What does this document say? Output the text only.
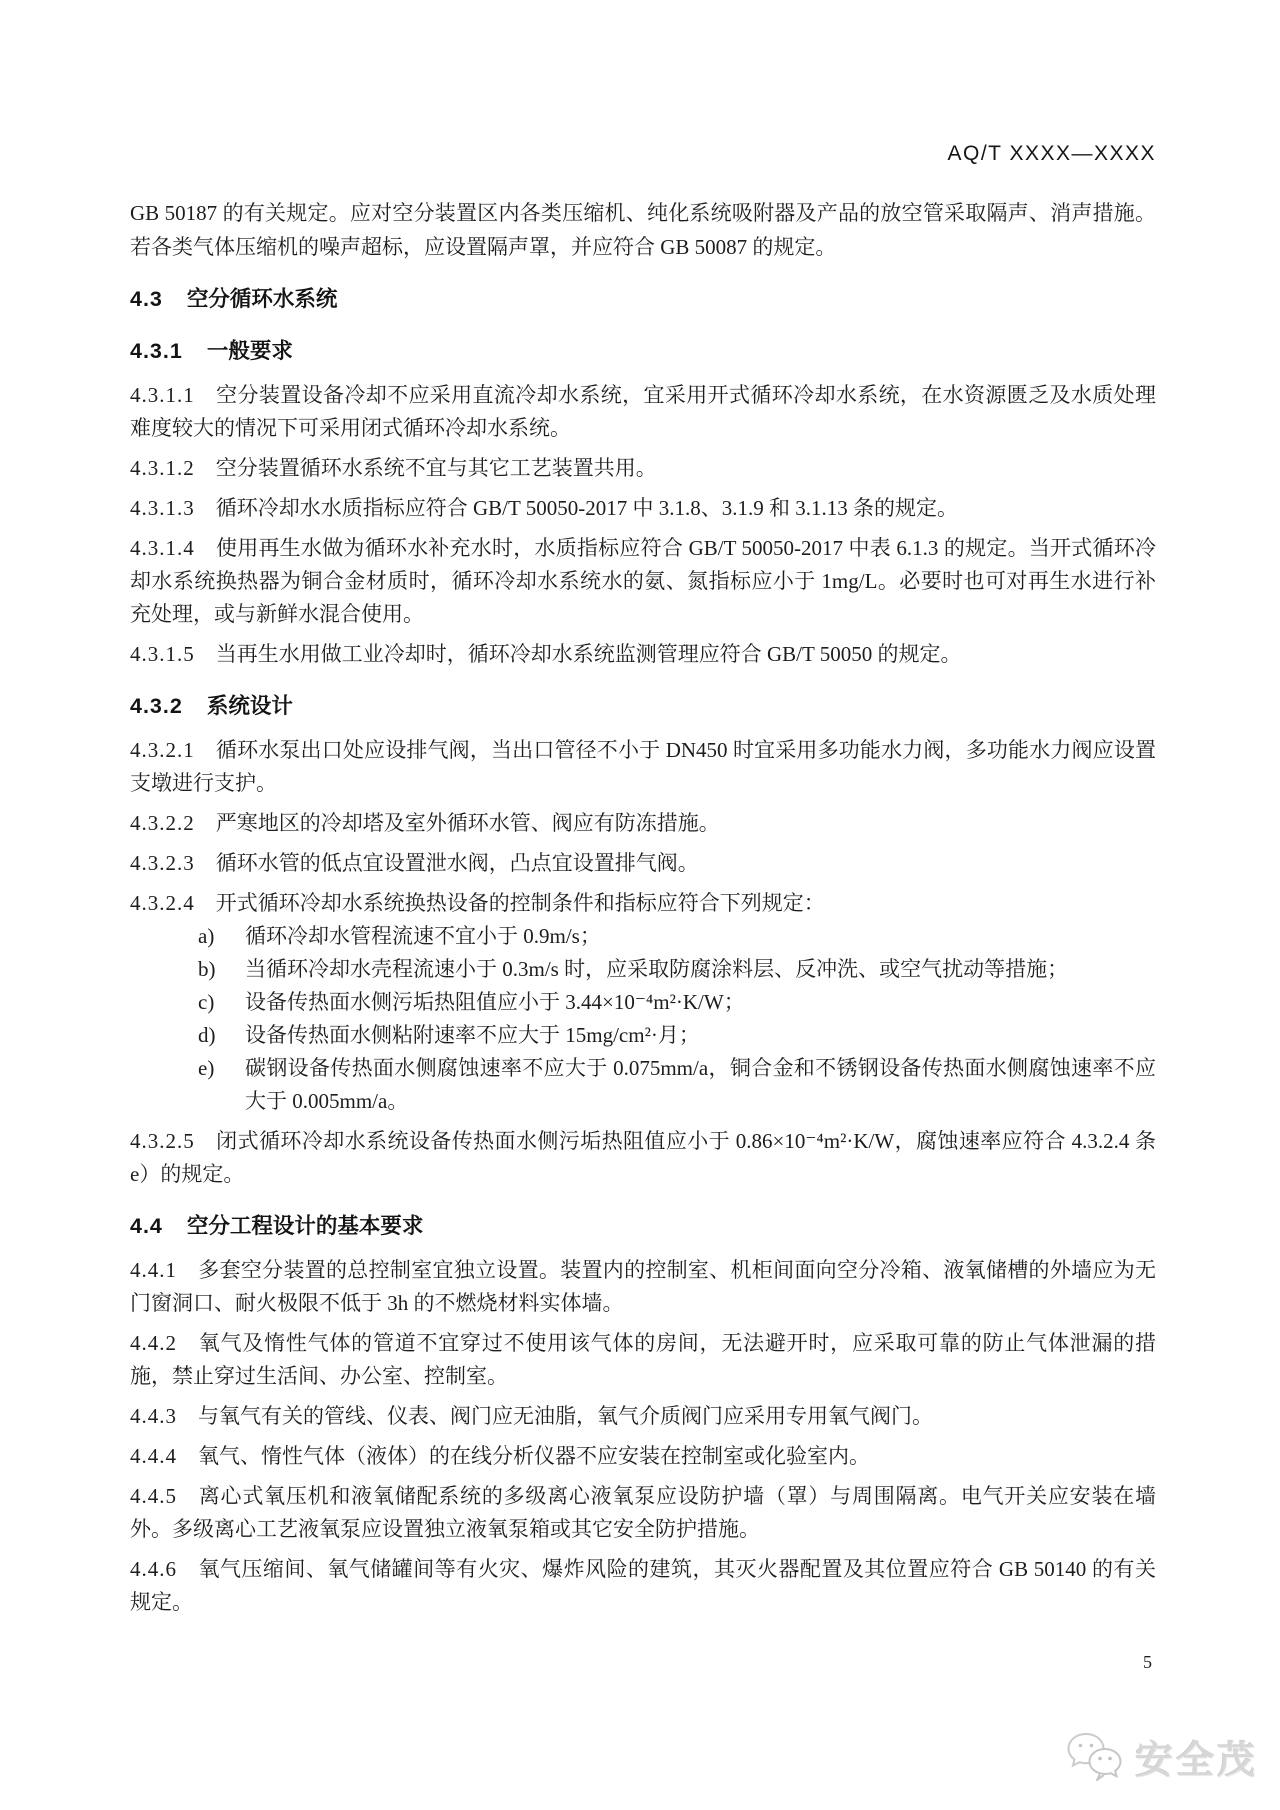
AQ/T XXXX—XXXX

GB 50187 的有关规定。应对空分装置区内各类压缩机、纯化系统吸附器及产品的放空管采取隔声、消声措施。若各类气体压缩机的噪声超标，应设置隔声罩，并应符合 GB 50087 的规定。

4.3 空分循环水系统
4.3.1 一般要求

4.3.1.1 空分装置设备冷却不应采用直流冷却水系统，宜采用开式循环冷却水系统，在水资源匮乏及水质处理难度较大的情况下可采用闭式循环冷却水系统。

4.3.1.2 空分装置循环水系统不宜与其它工艺装置共用。

4.3.1.3 循环冷却水水质指标应符合 GB/T 50050-2017 中 3.1.8、3.1.9 和 3.1.13 条的规定。

4.3.1.4 使用再生水做为循环水补充水时，水质指标应符合 GB/T 50050-2017 中表 6.1.3 的规定。当开式循环冷却水系统换热器为铜合金材质时，循环冷却水系统水的氨、氮指标应小于 1mg/L。必要时也可对再生水进行补充处理，或与新鲜水混合使用。

4.3.1.5 当再生水用做工业冷却时，循环冷却水系统监测管理应符合 GB/T 50050 的规定。

4.3.2 系统设计

4.3.2.1 循环水泵出口处应设排气阀，当出口管径不小于 DN450 时宜采用多功能水力阀，多功能水力阀应设置支墩进行支护。

4.3.2.2 严寒地区的冷却塔及室外循环水管、阀应有防冻措施。

4.3.2.3 循环水管的低点宜设置泄水阀，凸点宜设置排气阀。

4.3.2.4 开式循环冷却水系统换热设备的控制条件和指标应符合下列规定：

a) 循环冷却水管程流速不宜小于 0.9m/s；

b) 当循环冷却水壳程流速小于 0.3m/s 时，应采取防腐涂料层、反冲洗、或空气扰动等措施；

c) 设备传热面水侧污垢热阻值应小于 3.44×10⁻⁴m²·K/W；

d) 设备传热面水侧粘附速率不应大于 15mg/cm²·月；

e) 碳钢设备传热面水侧腐蚀速率不应大于 0.075mm/a，铜合金和不锈钢设备传热面水侧腐蚀速率不应大于 0.005mm/a。

4.3.2.5 闭式循环冷却水系统设备传热面水侧污垢热阻值应小于 0.86×10⁻⁴m²·K/W，腐蚀速率应符合 4.3.2.4 条 e）的规定。

4.4 空分工程设计的基本要求

4.4.1 多套空分装置的总控制室宜独立设置。装置内的控制室、机柜间面向空分冷箱、液氧储槽的外墙应为无门窗洞口、耐火极限不低于 3h 的不燃烧材料实体墙。

4.4.2 氧气及惰性气体的管道不宜穿过不使用该气体的房间，无法避开时，应采取可靠的防止气体泄漏的措施，禁止穿过生活间、办公室、控制室。

4.4.3 与氧气有关的管线、仪表、阀门应无油脂，氧气介质阀门应采用专用氧气阀门。

4.4.4 氧气、惰性气体（液体）的在线分析仪器不应安装在控制室或化验室内。

4.4.5 离心式氧压机和液氧储配系统的多级离心液氧泵应设防护墙（罩）与周围隔离。电气开关应安装在墙外。多级离心工艺液氧泵应设置独立液氧泵箱或其它安全防护措施。

4.4.6 氧气压缩间、氧气储罐间等有火灾、爆炸风险的建筑，其灭火器配置及其位置应符合 GB 50140 的有关规定。

5
安全茂
